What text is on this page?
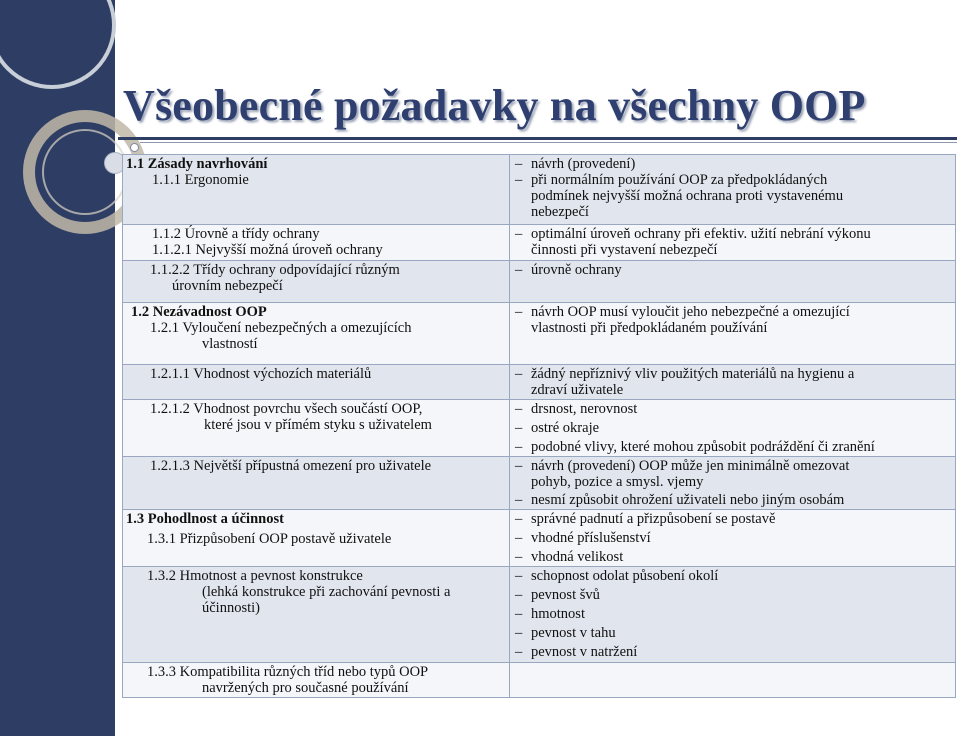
Všeobecné požadavky na všechny OOP
1.1 Zásady navrhování
1.1.1 Ergonomie	– návrh (provedení)
– při normálním používání OOP za předpokládaných
podmínek nejvyšší možná ochrana proti vystavenému
nebezpečí

1.1.2 Úrovně a třídy ochrany
1.1.2.1 Nejvyšší možná úroveň ochrany	– optimální úroveň ochrany při efektiv. užití nebrání výkonu
činnosti při vystavení nebezpečí

1.1.2.2 Třídy ochrany odpovídající různým
úrovním nebezpečí	– úrovně ochrany

1.2 Nezávadnost OOP
1.2.1 Vyloučení nebezpečných a omezujících
vlastností	– návrh OOP musí vyloučit jeho nebezpečné a omezující
vlastnosti při předpokládaném používání

1.2.1.1 Vhodnost výchozích materiálů	– žádný nepříznivý vliv použitých materiálů na hygienu a
zdraví uživatele

1.2.1.2 Vhodnost povrchu všech součástí OOP,
které jsou v přímém styku s uživatelem	– drsnost, nerovnost
– ostré okraje
– podobné vlivy, které mohou způsobit podráždění či zranění

1.2.1.3 Největší přípustná omezení pro uživatele	– návrh (provedení) OOP může jen minimálně omezovat
pohyb, pozice a smysl. vjemy
– nesmí způsobit ohrožení uživateli nebo jiným osobám

1.3 Pohodlnost a účinnost
1.3.1 Přizpůsobení OOP postavě uživatele	– správné padnutí a přizpůsobení se postavě
– vhodné příslušenství
– vhodná velikost

1.3.2 Hmotnost a pevnost konstrukce
(lehká konstrukce při zachování pevnosti a
účinnosti)	– schopnost odolat působení okolí
– pevnost švů
– hmotnost
– pevnost v tahu
– pevnost v natržení

1.3.3 Kompatibilita různých tříd nebo typů OOP
navržených pro současné používání	
